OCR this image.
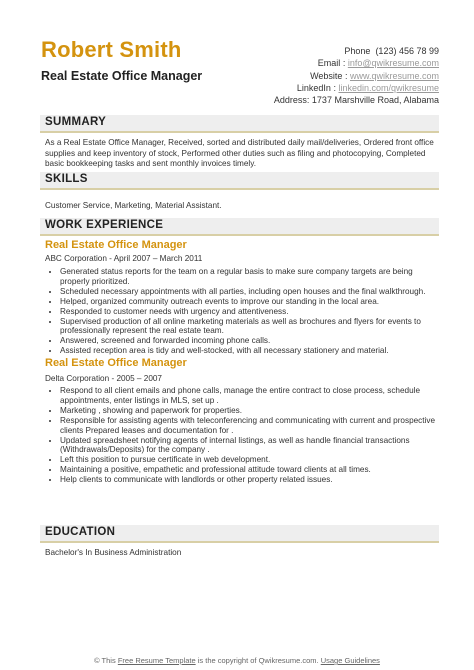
Robert Smith
Real Estate Office Manager
Phone (123) 456 78 99
Email : info@qwikresume.com
Website : www.qwikresume.com
LinkedIn : linkedin.com/qwikresume
Address: 1737 Marshville Road, Alabama
SUMMARY
As a Real Estate Office Manager, Received, sorted and distributed daily mail/deliveries, Ordered front office supplies and keep inventory of stock, Performed other duties such as filing and photocopying, Completed basic bookkeeping tasks and sent monthly invoices timely.
SKILLS
Customer Service, Marketing, Material Assistant.
WORK EXPERIENCE
Real Estate Office Manager
ABC Corporation - April 2007 – March 2011
• Generated status reports for the team on a regular basis to make sure company targets are being properly prioritized.
• Scheduled necessary appointments with all parties, including open houses and the final walkthrough.
• Helped, organized community outreach events to improve our standing in the local area.
• Responded to customer needs with urgency and attentiveness.
• Supervised production of all online marketing materials as well as brochures and flyers for events to professionally represent the real estate team.
• Answered, screened and forwarded incoming phone calls.
• Assisted reception area is tidy and well-stocked, with all necessary stationery and material.
Real Estate Office Manager
Delta Corporation - 2005 – 2007
• Respond to all client emails and phone calls, manage the entire contract to close process, schedule appointments, enter listings in MLS, set up .
• Marketing , showing and paperwork for properties.
• Responsible for assisting agents with teleconferencing and communicating with current and prospective clients Prepared leases and documentation for .
• Updated spreadsheet notifying agents of internal listings, as well as handle financial transactions (Withdrawals/Deposits) for the company .
• Left this position to pursue certificate in web development.
• Maintaining a positive, empathetic and professional attitude toward clients at all times.
• Help clients to communicate with landlords or other property related issues.
EDUCATION
Bachelor's In Business Administration
© This Free Resume Template is the copyright of Qwikresume.com. Usage Guidelines
